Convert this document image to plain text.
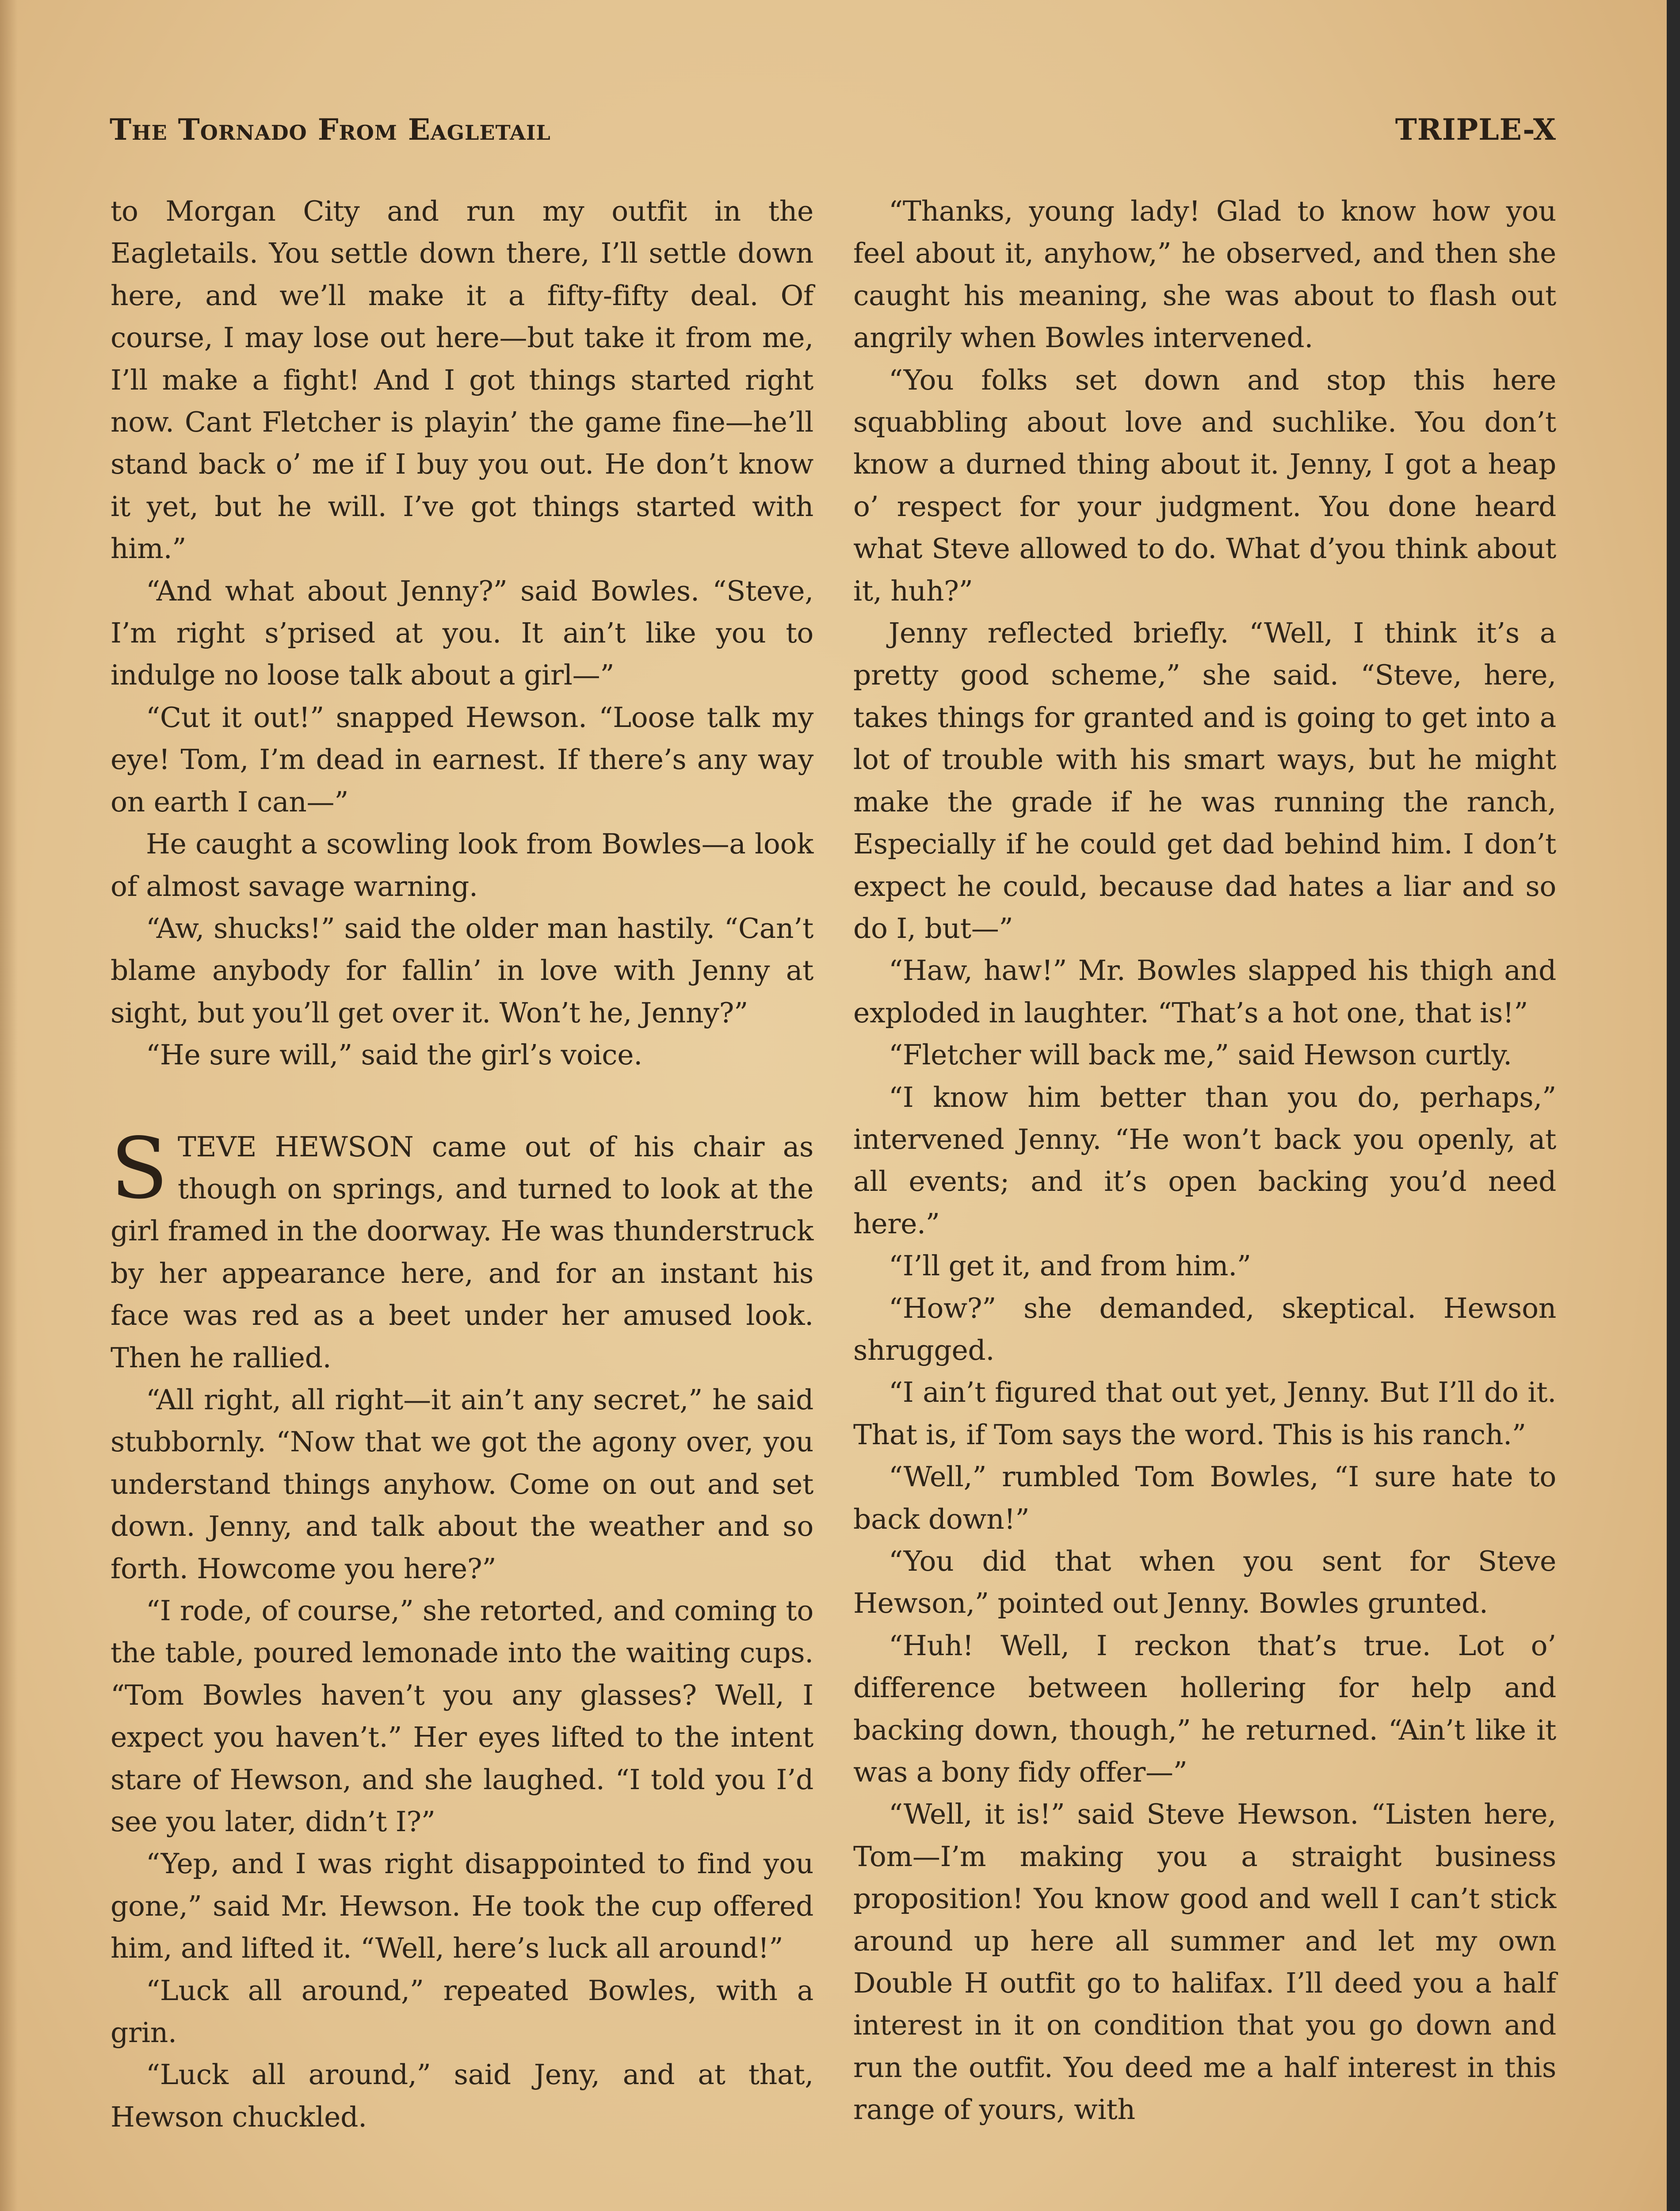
The Tornado From Eagletail	TRIPLE-X

to Morgan City and run my outfit in the Eagletails. You settle down there, I’ll settle down here, and we’ll make it a fifty-fifty deal. Of course, I may lose out here—but take it from me, I’ll make a fight! And I got things started right now. Cant Fletcher is playin’ the game fine—he’ll stand back o’ me if I buy you out. He don’t know it yet, but he will. I’ve got things started with him.”

“And what about Jenny?” said Bowles. “Steve, I’m right s’prised at you. It ain’t like you to indulge no loose talk about a girl—”

“Cut it out!” snapped Hewson. “Loose talk my eye! Tom, I’m dead in earnest. If there’s any way on earth I can—”

He caught a scowling look from Bowles—a look of almost savage warning.

“Aw, shucks!” said the older man hastily. “Can’t blame anybody for fallin’ in love with Jenny at sight, but you’ll get over it. Won’t he, Jenny?”

“He sure will,” said the girl’s voice.

STEVE HEWSON came out of his chair as though on springs, and turned to look at the girl framed in the doorway. He was thunderstruck by her appearance here, and for an instant his face was red as a beet under her amused look. Then he rallied.

“All right, all right—it ain’t any secret,” he said stubbornly. “Now that we got the agony over, you understand things anyhow. Come on out and set down. Jenny, and talk about the weather and so forth. Howcome you here?”

“I rode, of course,” she retorted, and coming to the table, poured lemonade into the waiting cups. “Tom Bowles haven’t you any glasses? Well, I expect you haven’t.” Her eyes lifted to the intent stare of Hewson, and she laughed. “I told you I’d see you later, didn’t I?”

“Yep, and I was right disappointed to find you gone,” said Mr. Hewson. He took the cup offered him, and lifted it. “Well, here’s luck all around!”

“Luck all around,” repeated Bowles, with a grin.

“Luck all around,” said Jeny, and at that, Hewson chuckled.

“Thanks, young lady! Glad to know how you feel about it, anyhow,” he observed, and then she caught his meaning, she was about to flash out angrily when Bowles intervened.

“You folks set down and stop this here squabbling about love and suchlike. You don’t know a durned thing about it. Jenny, I got a heap o’ respect for your judgment. You done heard what Steve allowed to do. What d’you think about it, huh?”

Jenny reflected briefly. “Well, I think it’s a pretty good scheme,” she said. “Steve, here, takes things for granted and is going to get into a lot of trouble with his smart ways, but he might make the grade if he was running the ranch, Especially if he could get dad behind him. I don’t expect he could, because dad hates a liar and so do I, but—”

“Haw, haw!” Mr. Bowles slapped his thigh and exploded in laughter. “That’s a hot one, that is!”

“Fletcher will back me,” said Hewson curtly.

“I know him better than you do, perhaps,” intervened Jenny. “He won’t back you openly, at all events; and it’s open backing you’d need here.”

“I’ll get it, and from him.”

“How?” she demanded, skeptical. Hewson shrugged.

“I ain’t figured that out yet, Jenny. But I’ll do it. That is, if Tom says the word. This is his ranch.”

“Well,” rumbled Tom Bowles, “I sure hate to back down!”

“You did that when you sent for Steve Hewson,” pointed out Jenny. Bowles grunted.

“Huh! Well, I reckon that’s true. Lot o’ difference between hollering for help and backing down, though,” he returned. “Ain’t like it was a bony fidy offer—”

“Well, it is!” said Steve Hewson. “Listen here, Tom—I’m making you a straight business proposition! You know good and well I can’t stick around up here all summer and let my own Double H outfit go to halifax. I’ll deed you a half interest in it on condition that you go down and run the outfit. You deed me a half interest in this range of yours, with
